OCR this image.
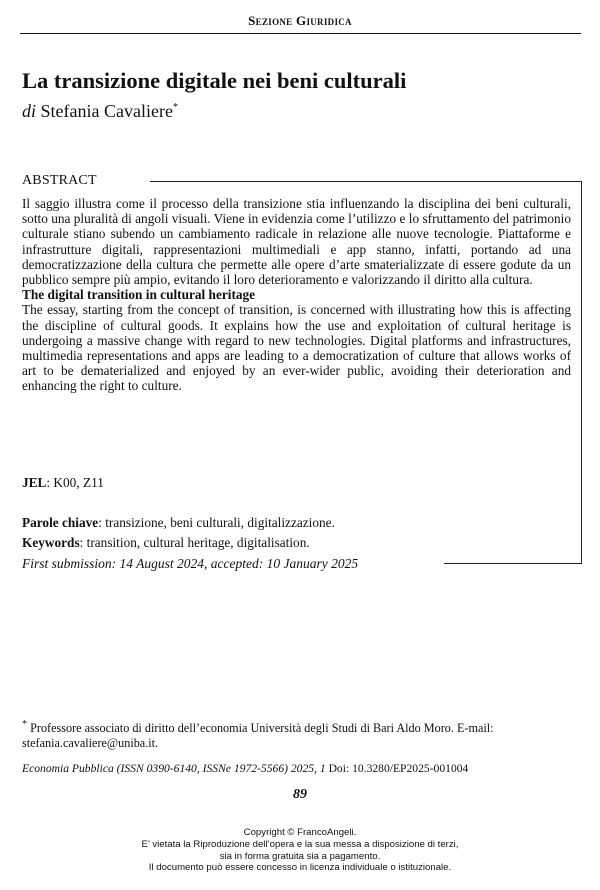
Sezione Giuridica
La transizione digitale nei beni culturali
di Stefania Cavaliere*
ABSTRACT
Il saggio illustra come il processo della transizione stia influenzando la disciplina dei beni culturali, sotto una pluralità di angoli visuali. Viene in evidenzia come l’utilizzo e lo sfruttamento del patrimonio culturale stiano subendo un cambiamento radicale in relazione alle nuove tecnologie. Piattaforme e infrastrutture digitali, rappresentazioni multimediali e app stanno, infatti, portando ad una democratizzazione della cultura che permette alle opere d’arte smaterializzate di essere godute da un pubblico sempre più ampio, evitando il loro deterioramento e valorizzando il diritto alla cultura.
The digital transition in cultural heritage
The essay, starting from the concept of transition, is concerned with illustrating how this is affecting the discipline of cultural goods. It explains how the use and exploitation of cultural heritage is undergoing a massive change with regard to new technologies. Digital platforms and infrastructures, multimedia representations and apps are leading to a democratization of culture that allows works of art to be dematerialized and enjoyed by an ever-wider public, avoiding their deterioration and enhancing the right to culture.
JEL: K00, Z11
Parole chiave: transizione, beni culturali, digitalizzazione.
Keywords: transition, cultural heritage, digitalisation.
First submission: 14 August 2024, accepted: 10 January 2025
* Professore associato di diritto dell’economia Università degli Studi di Bari Aldo Moro. E-mail: stefania.cavaliere@uniba.it.
Economia Pubblica (ISSN 0390-6140, ISSNe 1972-5566) 2025, 1 Doi: 10.3280/EP2025-001004
89
Copyright © FrancoAngeli.
E’ vietata la Riproduzione dell’opera e la sua messa a disposizione di terzi,
sia in forma gratuita sia a pagamento.
Il documento può essere concesso in licenza individuale o istituzionale.
